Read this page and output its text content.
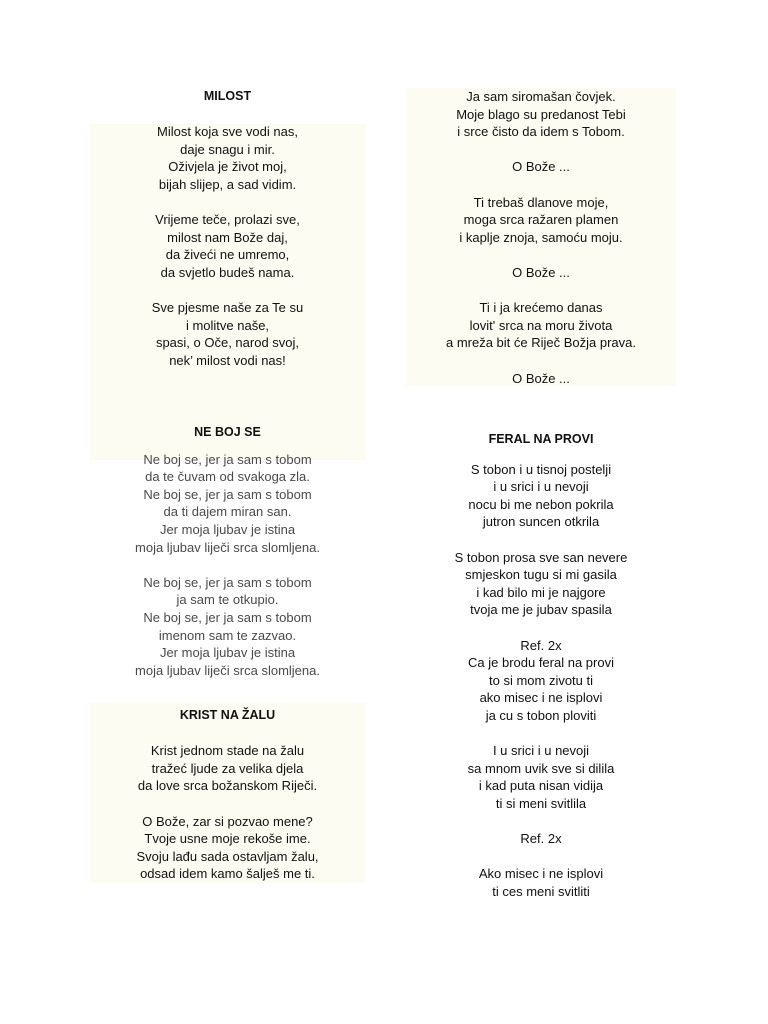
MILOST
Milost koja sve vodi nas,
daje snagu i mir.
Oživjela je život moj,
bijah slijep, a sad vidim.
Vrijeme teče, prolazi sve,
milost nam Bože daj,
da živeći ne umremo,
da svjetlo budeš nama.
Sve pjesme naše za Te su
i molitve naše,
spasi, o Oče, narod svoj,
nek’ milost vodi nas!
Ja sam siromašan čovjek.
Moje blago su predanost Tebi
i srce čisto da idem s Tobom.
O Bože ...
Ti trebaš dlanove moje,
moga srca ražaren plamen
i kaplje znoja, samoću moju.
O Bože ...
Ti i ja krećemo danas
lovit' srca na moru života
a mreža bit će Riječ Božja prava.
O Bože ...
NE BOJ SE
Ne boj se, jer ja sam s tobom
da te čuvam od svakoga zla.
Ne boj se, jer ja sam s tobom
da ti dajem miran san.
Jer moja ljubav je istina
moja ljubav liječi srca slomljena.
Ne boj se, jer ja sam s tobom
ja sam te otkupio.
Ne boj se, jer ja sam s tobom
imenom sam te zazvao.
Jer moja ljubav je istina
moja ljubav liječi srca slomljena.
KRIST NA ŽALU
Krist jednom stade na žalu
tražeć ljude za velika djela
da love srca božanskom Riječi.
O Bože, zar si pozvao mene?
Tvoje usne moje rekoše ime.
Svoju lađu sada ostavljam žalu,
odsad idem kamo šalješ me ti.
FERAL NA PROVI
S tobon i u tisnoj postelji
i u srici i u nevoji
nocu bi me nebon pokrila
jutron suncen otkrila
S tobon prosa sve san nevere
smjeskon tugu si mi gasila
i kad bilo mi je najgore
tvoja me je jubav spasila
Ref. 2x
Ca je brodu feral na provi
to si mom zivotu ti
ako misec i ne isplovi
ja cu s tobon ploviti
I u srici i u nevoji
sa mnom uvik sve si dilila
i kad puta nisan vidija
ti si meni svitlila
Ref. 2x
Ako misec i ne isplovi
ti ces meni svitliti
